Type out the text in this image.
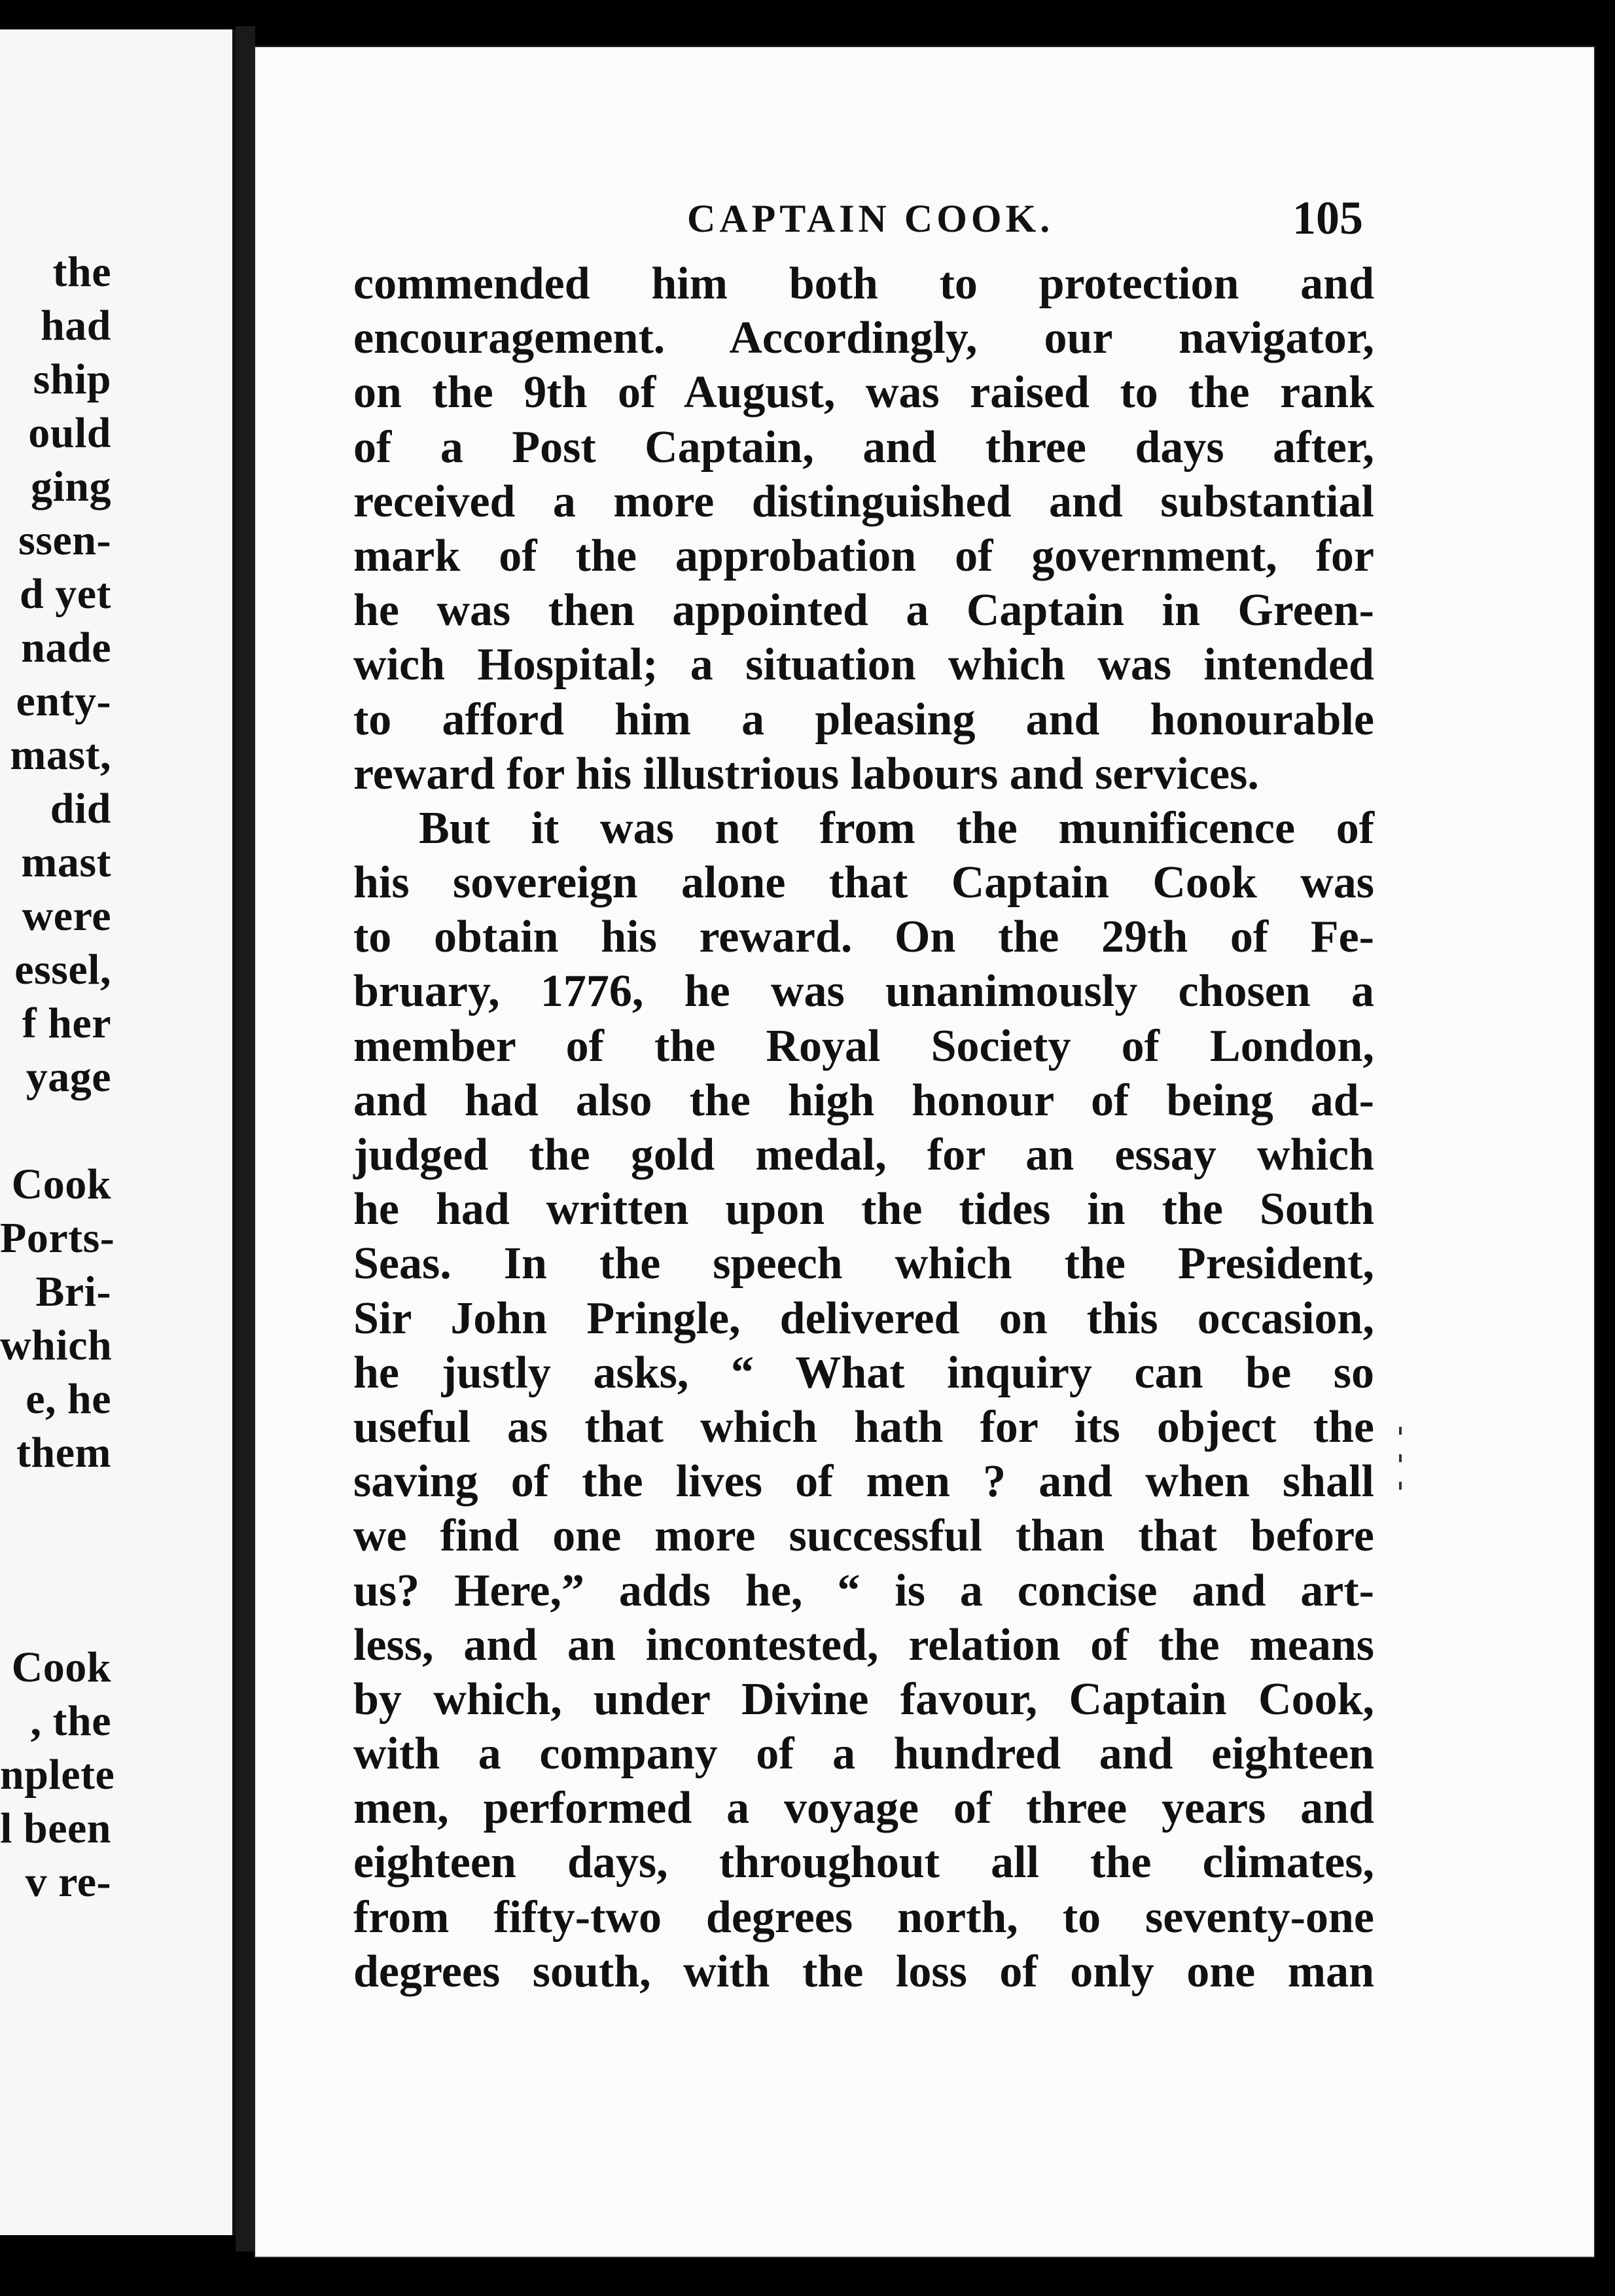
the
had
ship
ould
ging
ssen-
d yet
nade
enty-
mast,
did
mast
were
essel,
f her
yage
Cook
Ports-
Bri-
which
e, he
them
Cook
, the
nplete
l been
v re-
CAPTAIN COOK.	105
commended him both to protection and
encouragement. Accordingly, our navigator,
on the 9th of August, was raised to the rank
of a Post Captain, and three days after,
received a more distinguished and substantial
mark of the approbation of government, for
he was then appointed a Captain in Green-
wich Hospital; a situation which was intended
to afford him a pleasing and honourable
reward for his illustrious labours and services.
But it was not from the munificence of
his sovereign alone that Captain Cook was
to obtain his reward. On the 29th of Fe-
bruary, 1776, he was unanimously chosen a
member of the Royal Society of London,
and had also the high honour of being ad-
judged the gold medal, for an essay which
he had written upon the tides in the South
Seas. In the speech which the President,
Sir John Pringle, delivered on this occasion,
he justly asks, “ What inquiry can be so
useful as that which hath for its object the
saving of the lives of men ? and when shall
we find one more successful than that before
us? Here,” adds he, “ is a concise and art-
less, and an incontested, relation of the means
by which, under Divine favour, Captain Cook,
with a company of a hundred and eighteen
men, performed a voyage of three years and
eighteen days, throughout all the climates,
from fifty-two degrees north, to seventy-one
degrees south, with the loss of only one man
